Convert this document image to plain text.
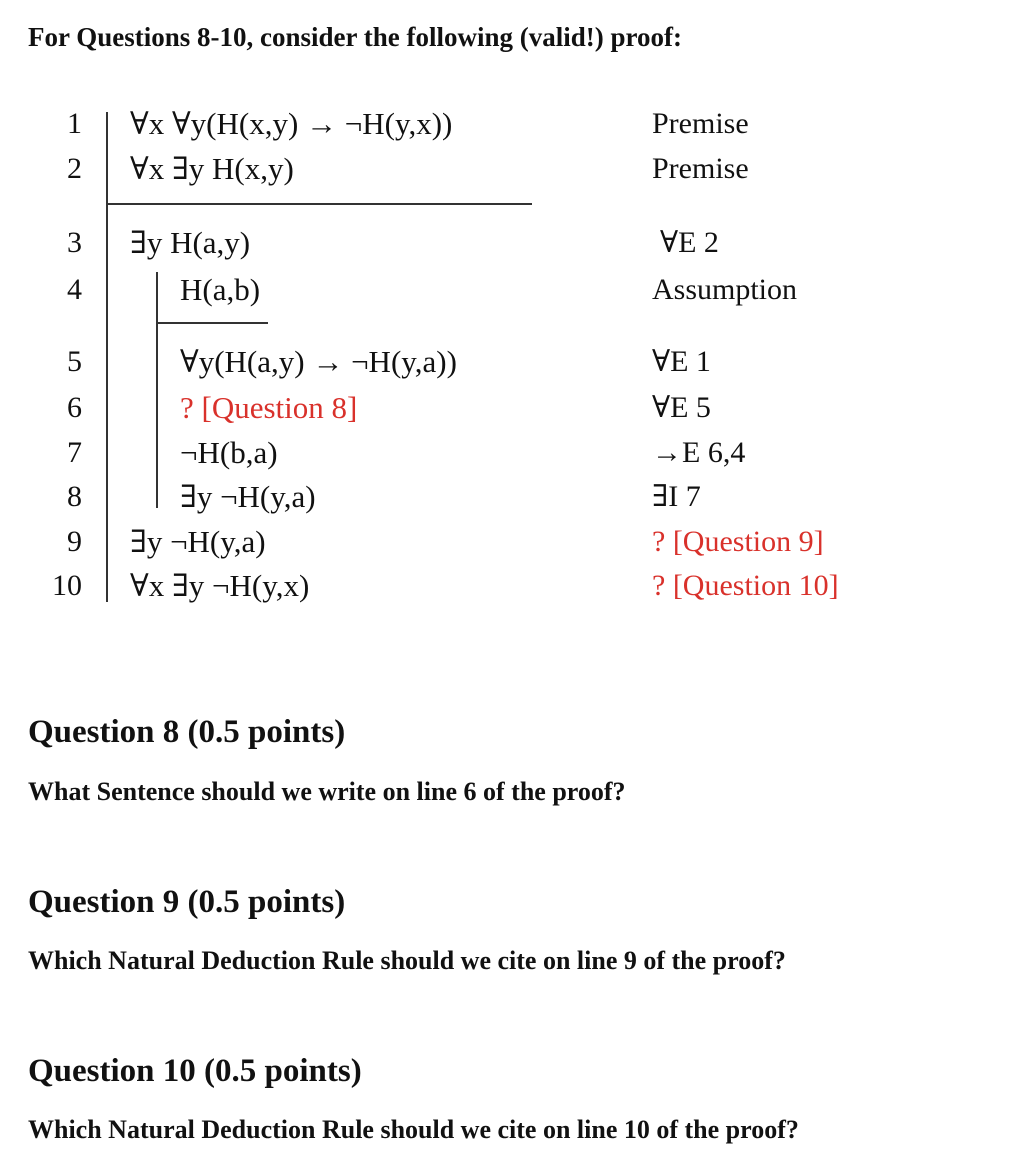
For Questions 8-10, consider the following (valid!) proof:
1 ∀x ∀y(H(x,y) → ¬H(y,x))	Premise
2 ∀x ∃y H(x,y)	Premise
3 ∃y H(a,y)	∀E 2
4	H(a,b)	Assumption
5	∀y(H(a,y) → ¬H(y,a))	∀E 1
6	? [Question 8]	∀E 5
7	¬H(b,a)	→E 6,4
8	∃y ¬H(y,a)	∃I 7
9 ∃y ¬H(y,a)	? [Question 9]
10 ∀x ∃y ¬H(y,x)	? [Question 10]
Question 8 (0.5 points)
What Sentence should we write on line 6 of the proof?
Question 9 (0.5 points)
Which Natural Deduction Rule should we cite on line 9 of the proof?
Question 10 (0.5 points)
Which Natural Deduction Rule should we cite on line 10 of the proof?
